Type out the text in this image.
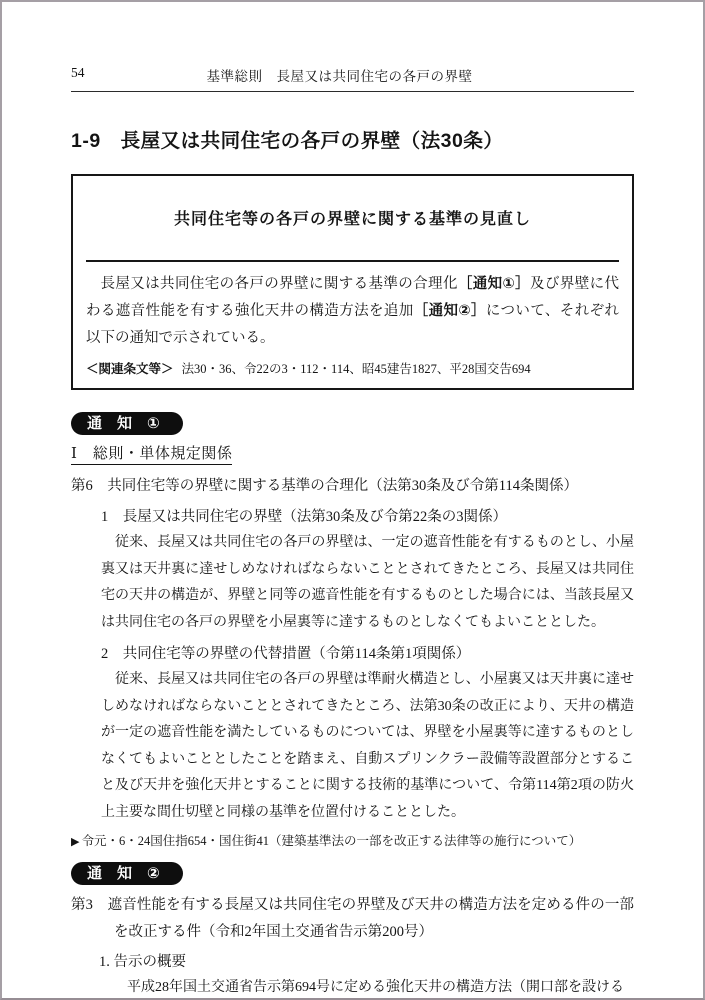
54	基準総則　長屋又は共同住宅の各戸の界壁
1-9　長屋又は共同住宅の各戸の界壁（法30条）
共同住宅等の各戸の界壁に関する基準の見直し

長屋又は共同住宅の各戸の界壁に関する基準の合理化［通知①］及び界壁に代わる遮音性能を有する強化天井の構造方法を追加［通知②］について、それぞれ以下の通知で示されている。

＜関連条文等＞ 法30・36、令22の3・112・114、昭45建告1827、平28国交告694
通知①
Ⅰ　総則・単体規定関係
第6　共同住宅等の界壁に関する基準の合理化（法第30条及び令第114条関係）
1　長屋又は共同住宅の界壁（法第30条及び令第22条の3関係）

従来、長屋又は共同住宅の各戸の界壁は、一定の遮音性能を有するものとし、小屋裏又は天井裏に達せしめなければならないこととされてきたところ、長屋又は共同住宅の天井の構造が、界壁と同等の遮音性能を有するものとした場合には、当該長屋又は共同住宅の各戸の界壁を小屋裏等に達するものとしなくてもよいこととした。

2　共同住宅等の界壁の代替措置（令第114条第1項関係）

従来、長屋又は共同住宅の各戸の界壁は準耐火構造とし、小屋裏又は天井裏に達せしめなければならないこととされてきたところ、法第30条の改正により、天井の構造が一定の遮音性能を満たしているものについては、界壁を小屋裏等に達するものとしなくてもよいこととしたことを踏まえ、自動スプリンクラー設備等設置部分とすること及び天井を強化天井とすることに関する技術的基準について、令第114第2項の防火上主要な間仕切壁と同様の基準を位置付けることとした。

▶ 令元・6・24国住指654・国住街41（建築基準法の一部を改正する法律等の施行について）
通知②
第3　遮音性能を有する長屋又は共同住宅の界壁及び天井の構造方法を定める件の一部を改正する件（令和2年国土交通省告示第200号）
1. 告示の概要
平成28年国土交通省告示第694号に定める強化天井の構造方法（開口部を設ける
